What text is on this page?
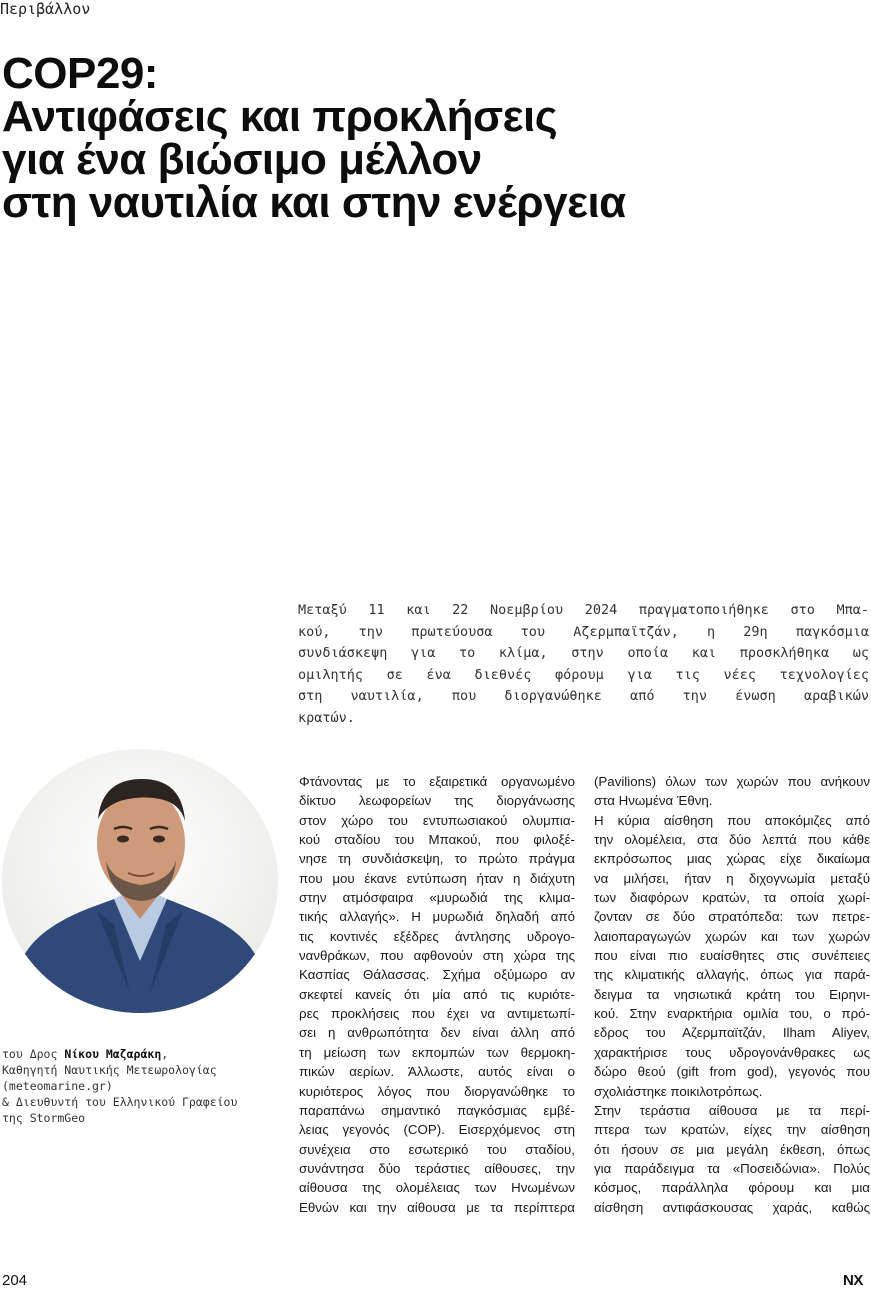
Περιβάλλον
COP29:
Αντιφάσεις και προκλήσεις
για ένα βιώσιμο μέλλον
στη ναυτιλία και στην ενέργεια

Μεταξύ 11 και 22 Νοεμβρίου 2024 πραγματοποιήθηκε στο Μπα-
κού, την πρωτεύουσα του Αζερμπαϊτζάν, η 29η παγκόσμια
συνδιάσκεψη για το κλίμα, στην οποία και προσκλήθηκα ως
ομιλητής σε ένα διεθνές φόρουμ για τις νέες τεχνολογίες
στη ναυτιλία, που διοργανώθηκε από την ένωση αραβικών
κρατών.

του Δρος Νίκου Μαζαράκη,
Καθηγητή Ναυτικής Μετεωρολογίας
(meteomarine.gr)
& Διευθυντή του Ελληνικού Γραφείου
της StormGeo
Φτάνοντας με το εξαιρετικά οργανωμένο
δίκτυο λεωφορείων της διοργάνωσης
στον χώρο του εντυπωσιακού ολυμπια-
κού σταδίου του Μπακού, που φιλοξέ-
νησε τη συνδιάσκεψη, το πρώτο πράγμα
που μου έκανε εντύπωση ήταν η διάχυτη
στην ατμόσφαιρα «μυρωδιά της κλιμα-
τικής αλλαγής». Η μυρωδιά δηλαδή από
τις κοντινές εξέδρες άντλησης υδρογο-
νανθράκων, που αφθονούν στη χώρα της
Κασπίας Θάλασσας. Σχήμα οξύμωρο αν
σκεφτεί κανείς ότι μία από τις κυριότε-
ρες προκλήσεις που έχει να αντιμετωπί-
σει η ανθρωπότητα δεν είναι άλλη από
τη μείωση των εκπομπών των θερμοκη-
πικών αερίων. Άλλωστε, αυτός είναι ο
κυριότερος λόγος που διοργανώθηκε το
παραπάνω σημαντικό παγκόσμιας εμβέ-
λειας γεγονός (COP). Εισερχόμενος στη
συνέχεια στο εσωτερικό του σταδίου,
συνάντησα δύο τεράστιες αίθουσες, την
αίθουσα της ολομέλειας των Ηνωμένων
Εθνών και την αίθουσα με τα περίπτερα
(Pavilions) όλων των χωρών που ανήκουν
στα Ηνωμένα Έθνη.
Η κύρια αίσθηση που αποκόμιζες από
την ολομέλεια, στα δύο λεπτά που κάθε
εκπρόσωπος μιας χώρας είχε δικαίωμα
να μιλήσει, ήταν η διχογνωμία μεταξύ
των διαφόρων κρατών, τα οποία χωρί-
ζονταν σε δύο στρατόπεδα: των πετρε-
λαιοπαραγωγών χωρών και των χωρών
που είναι πιο ευαίσθητες στις συνέπειες
της κλιματικής αλλαγής, όπως για παρά-
δειγμα τα νησιωτικά κράτη του Ειρηνι-
κού. Στην εναρκτήρια ομιλία του, ο πρό-
εδρος του Αζερμπαϊτζάν, Ilham Aliyev,
χαρακτήρισε τους υδρογονάνθρακες ως
δώρο θεού (gift from god), γεγονός που
σχολιάστηκε ποικιλοτρόπως.
Στην τεράστια αίθουσα με τα περί-
πτερα των κρατών, είχες την αίσθηση
ότι ήσουν σε μια μεγάλη έκθεση, όπως
για παράδειγμα τα «Ποσειδώνια». Πολύς
κόσμος, παράλληλα φόρουμ και μια
αίσθηση αντιφάσκουσας χαράς, καθώς
204	NX
